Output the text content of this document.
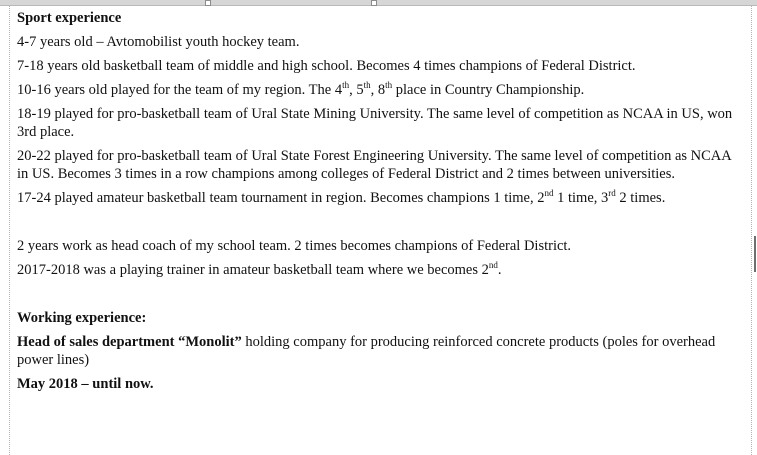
Sport experience

4-7 years old – Avtomobilist youth hockey team.

7-18 years old basketball team of middle and high school. Becomes 4 times champions of Federal District.

10-16 years old played for the team of my region. The 4th, 5th, 8th place in Country Championship.

18-19 played for pro-basketball team of Ural State Mining University. The same level of competition as NCAA in US, won 3rd place.

20-22 played for pro-basketball team of Ural State Forest Engineering University. The same level of competition as NCAA in US. Becomes 3 times in a row champions among colleges of Federal District and 2 times between universities.

17-24 played amateur basketball team tournament in region. Becomes champions 1 time, 2nd 1 time, 3rd 2 times.

2 years work as head coach of my school team. 2 times becomes champions of Federal District.

2017-2018 was a playing trainer in amateur basketball team where we becomes 2nd.

Working experience:

Head of sales department “Monolit” holding company for producing reinforced concrete products (poles for overhead power lines)

May 2018 – until now.
